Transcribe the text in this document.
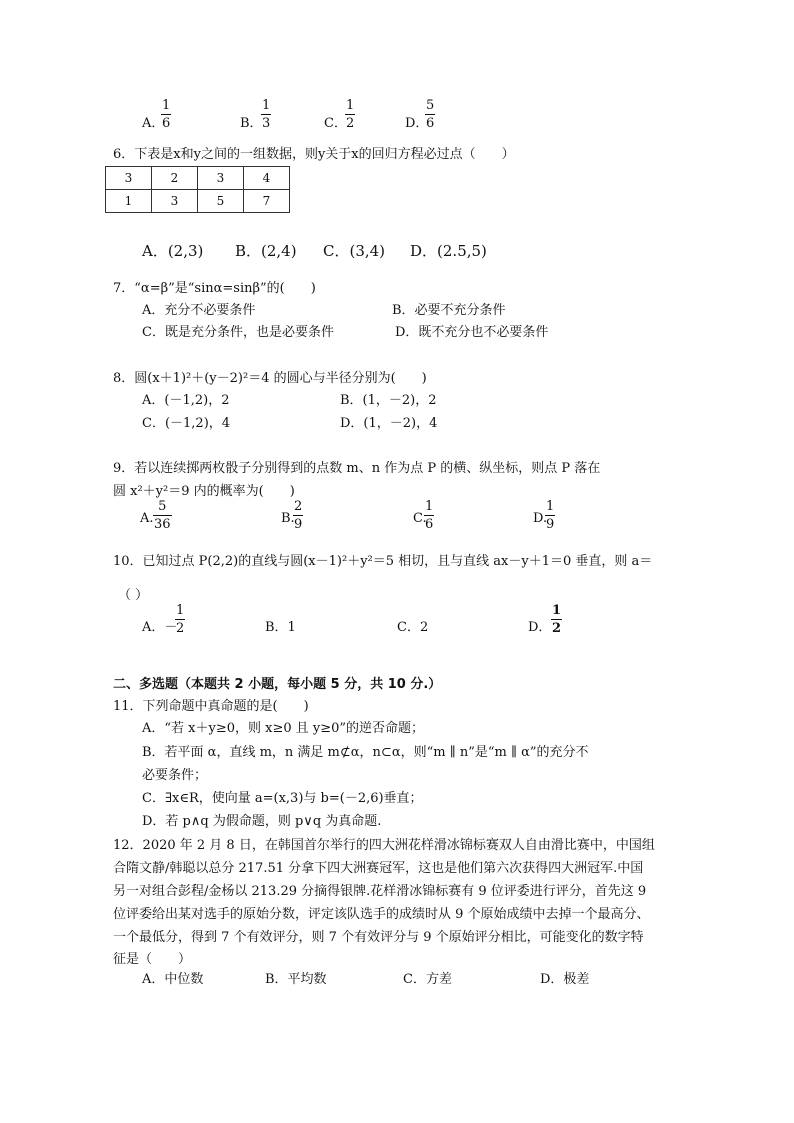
A．
1
6	B．
1
3	C．
1
2	D．
5
6
6．下表是x和y之间的一组数据，则y关于x的回归方程必过点（　　）
3	2	3	4
1	3	5	7
A．(2,3) B．(2,4) C．(3,4) D．(2.5,5)
7．“α=β”是“sinα=sinβ”的(　　)
A．充分不必要条件	B．必要不充分条件
C．既是充分条件，也是必要条件	D．既不充分也不必要条件
8．圆(x＋1)²＋(y－2)²＝4 的圆心与半径分别为(　　)
A．(－1,2)，2	B．(1，－2)，2
C．(－1,2)，4	D．(1，－2)，4
9．若以连续掷两枚骰子分别得到的点数 m、n 作为点 P 的横、纵坐标，则点 P 落在
圆 x²＋y²＝9 内的概率为(　　)
A.
5
36	B.
2
9	C.
1
6	D.
1
9
10．已知过点 P(2,2)的直线与圆(x－1)²＋y²＝5 相切，且与直线 ax－y＋1＝0 垂直，则 a＝
（ ）
A．－
1
2	B．1	C．2	D．
1
2
二、多选题（本题共 2 小题，每小题 5 分，共 10 分.）
11．下列命题中真命题的是(　　)
A．“若 x＋y≥0，则 x≥0 且 y≥0”的逆否命题；
B．若平面 α，直线 m，n 满足 m⊄α，n⊂α，则“m ∥ n”是“m ∥ α”的充分不
必要条件；
C．∃x∈R，使向量 a=(x,3)与 b=(－2,6)垂直；
D．若 p∧q 为假命题，则 p∨q 为真命题.
12．2020 年 2 月 8 日，在韩国首尔举行的四大洲花样滑冰锦标赛双人自由滑比赛中，中国组
合隋文静/韩聪以总分 217.51 分拿下四大洲赛冠军，这也是他们第六次获得四大洲冠军.中国
另一对组合彭程/金杨以 213.29 分摘得银牌.花样滑冰锦标赛有 9 位评委进行评分，首先这 9
位评委给出某对选手的原始分数，评定该队选手的成绩时从 9 个原始成绩中去掉一个最高分、
一个最低分，得到 7 个有效评分，则 7 个有效评分与 9 个原始评分相比，可能变化的数字特
征是（　　）
A．中位数	B．平均数	C．方差	D．极差
